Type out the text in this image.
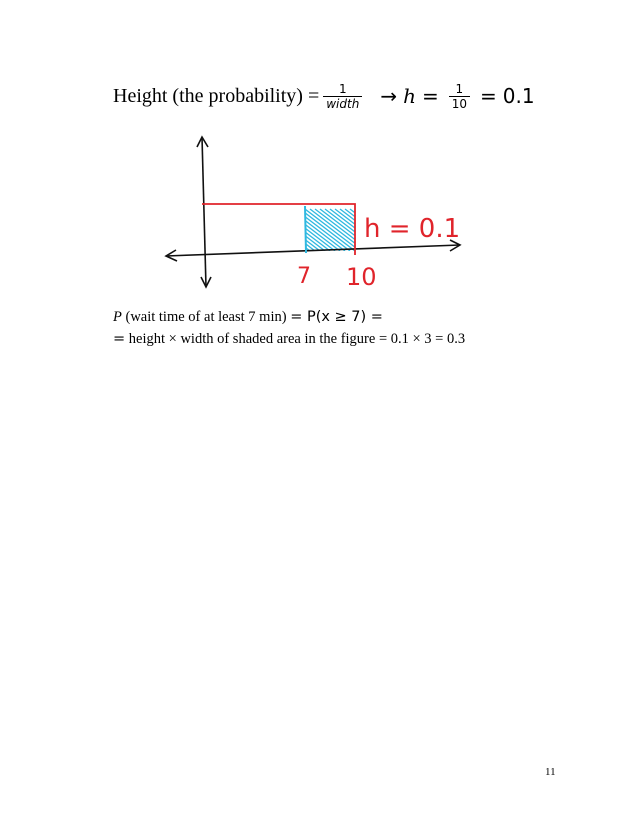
Height (the probability) = $\frac{1}{\text{width}} \to h = \frac{1}{10} = 0.1$
h = 0.1
7 10
P (wait time of at least 7 min) = P(x ≥ 7) =
= height × width of shaded area in the figure = 0.1 × 3 = 0.3
11
